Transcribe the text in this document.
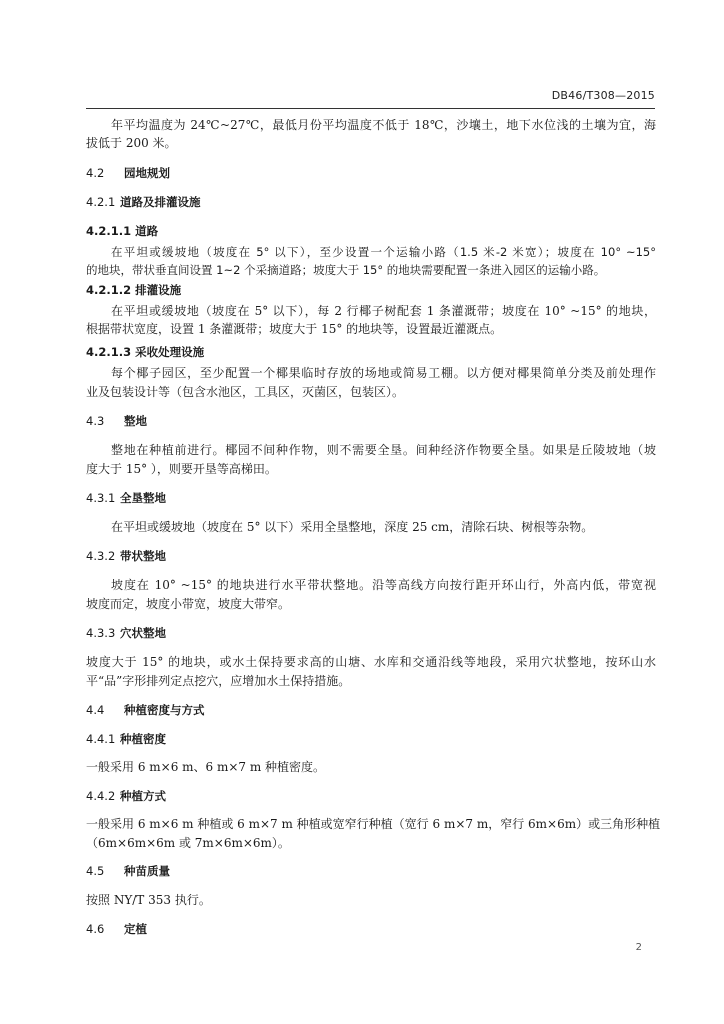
DB46/T308—2015
年平均温度为 24℃~27℃，最低月份平均温度不低于 18℃，沙壤土，地下水位浅的土壤为宜，海
拔低于 200 米。
4.2 园地规划
4.2.1 道路及排灌设施
4.2.1.1 道路
在平坦或缓坡地（坡度在 5° 以下），至少设置一个运输小路（1.5 米-2 米宽）；坡度在 10° ~15°
的地块，带状垂直间设置 1~2 个采摘道路；坡度大于 15° 的地块需要配置一条进入园区的运输小路。
4.2.1.2 排灌设施
在平坦或缓坡地（坡度在 5° 以下），每 2 行椰子树配套 1 条灌溉带；坡度在 10° ~15° 的地块，
根据带状宽度，设置 1 条灌溉带；坡度大于 15° 的地块等，设置最近灌溉点。
4.2.1.3 采收处理设施
每个椰子园区，至少配置一个椰果临时存放的场地或简易工棚。以方便对椰果简单分类及前处理作
业及包装设计等（包含水池区，工具区，灭菌区，包装区）。
4.3 整地
整地在种植前进行。椰园不间种作物，则不需要全垦。间种经济作物要全垦。如果是丘陵坡地（坡
度大于 15° ），则要开垦等高梯田。
4.3.1 全垦整地
在平坦或缓坡地（坡度在 5° 以下）采用全垦整地，深度 25 cm，清除石块、树根等杂物。
4.3.2 带状整地
坡度在 10° ~15° 的地块进行水平带状整地。沿等高线方向按行距开环山行，外高内低，带宽视
坡度而定，坡度小带宽，坡度大带窄。
4.3.3 穴状整地
坡度大于 15° 的地块，或水土保持要求高的山塘、水库和交通沿线等地段，采用穴状整地，按环山水
平“品”字形排列定点挖穴，应增加水土保持措施。
4.4 种植密度与方式
4.4.1 种植密度
一般采用 6 m×6 m、6 m×7 m 种植密度。
4.4.2 种植方式
一般采用 6 m×6 m 种植或 6 m×7 m 种植或宽窄行种植（宽行 6 m×7 m，窄行 6m×6m）或三角形种植
（6m×6m×6m 或 7m×6m×6m）。
4.5 种苗质量
按照 NY/T 353 执行。
4.6 定植
2
